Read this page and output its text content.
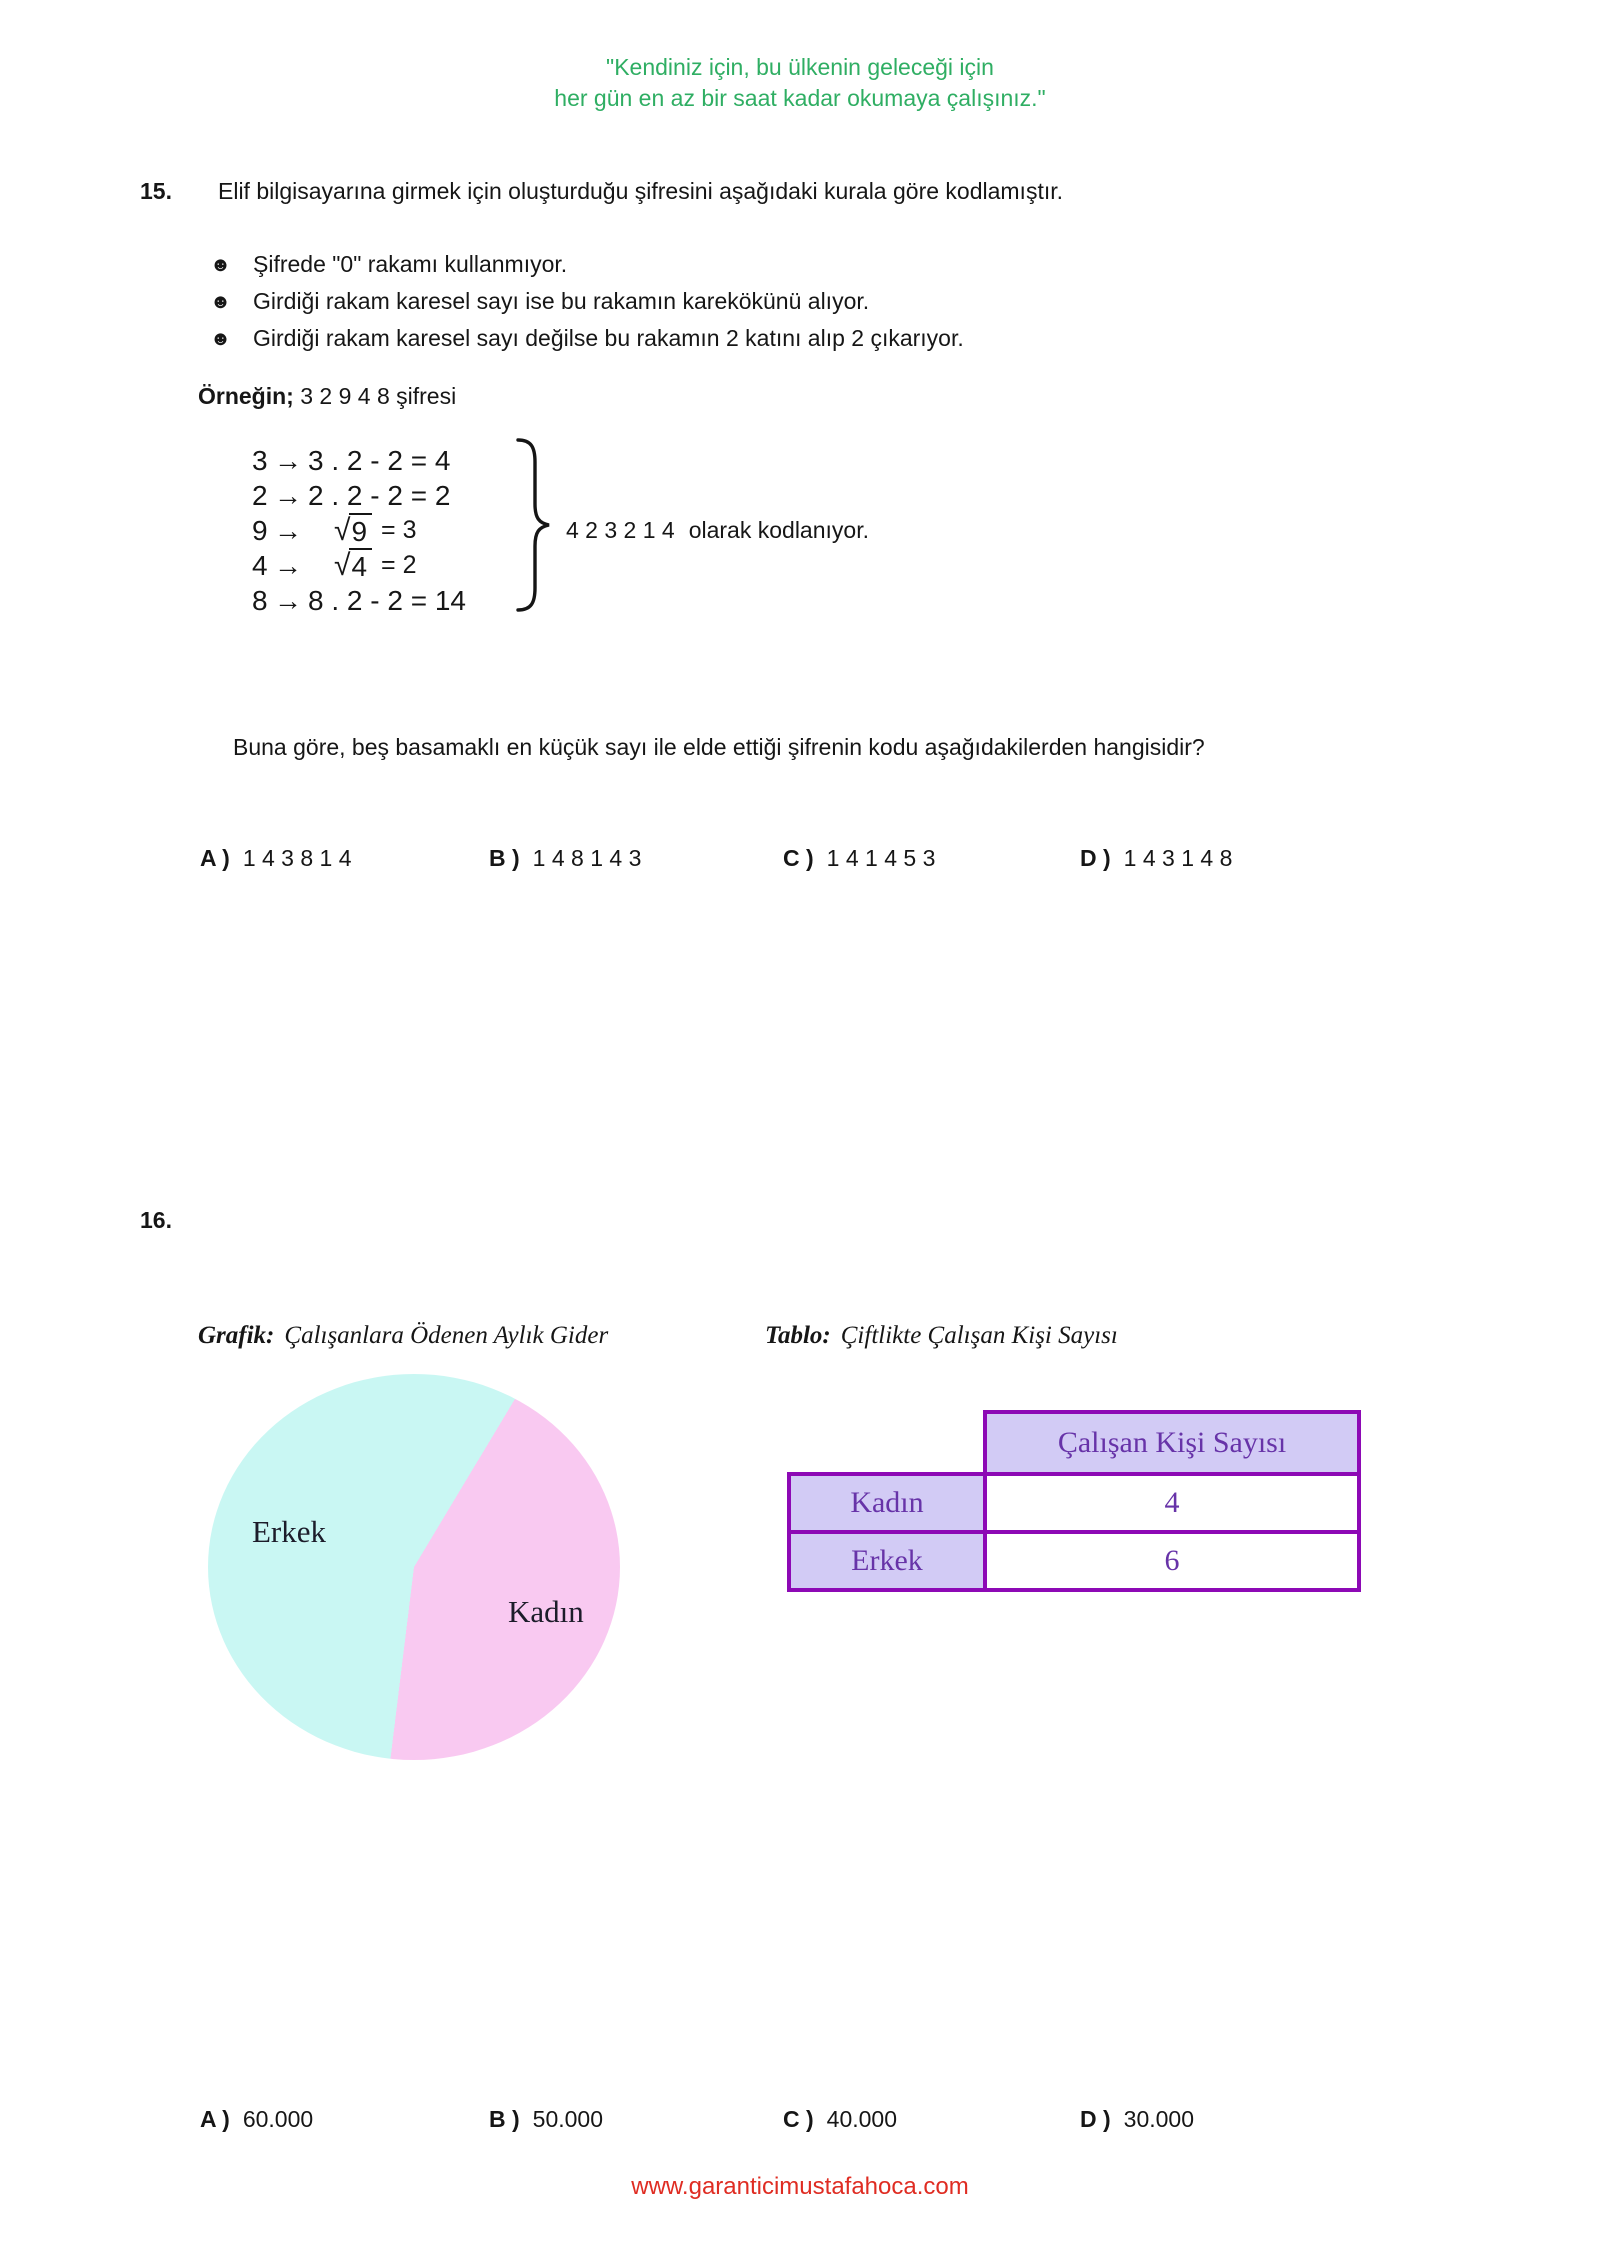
"Kendiniz için, bu ülkenin geleceği için
her gün en az bir saat kadar okumaya çalışınız."
15. Elif bilgisayarına girmek için oluşturduğu şifresini aşağıdaki kurala göre kodlamıştır.
☻ Şifrede "0" rakamı kullanmıyor.
☻ Girdiği rakam karesel sayı ise bu rakamın karekökünü alıyor.
☻ Girdiği rakam karesel sayı değilse bu rakamın 2 katını alıp 2 çıkarıyor.
Örneğin; 3 2 9 4 8 şifresi
3 → 3 . 2 - 2 = 4
2 → 2 . 2 - 2 = 2
9 → √ 9 = 3
4 → √ 4 = 2
8 → 8 . 2 - 2 = 14
4 2 3 2 1 4 olarak kodlanıyor.
Buna göre, beş basamaklı en küçük sayı ile elde ettiği şifrenin kodu aşağıdakilerden hangisidir?
A ) 1 4 3 8 1 4	B ) 1 4 8 1 4 3	C ) 1 4 1 4 5 3	D ) 1 4 3 1 4 8
16.
Grafik: Çalışanlara Ödenen Aylık Gider	Tablo: Çiftlikte Çalışan Kişi Sayısı
Erkek
Kadın
Çalışan Kişi Sayısı
Kadın	4
Erkek	6
A ) 60.000	B ) 50.000	C ) 40.000	D ) 30.000
www.garanticimustafahoca.com
